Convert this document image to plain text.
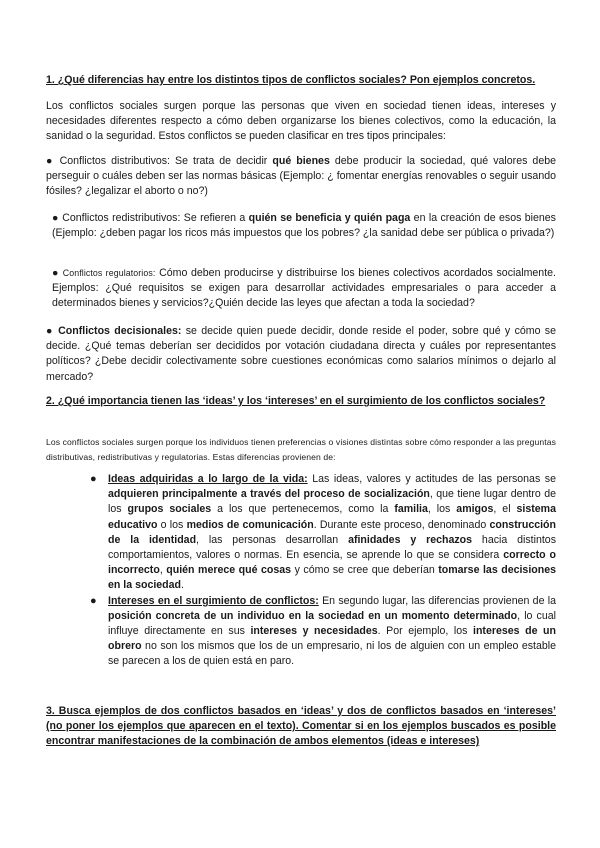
1. ¿Qué diferencias hay entre los distintos tipos de conflictos sociales? Pon ejemplos concretos.

Los conflictos sociales surgen porque las personas que viven en sociedad tienen ideas, intereses y necesidades diferentes respecto a cómo deben organizarse los bienes colectivos, como la educación, la sanidad o la seguridad. Estos conflictos se pueden clasificar en tres tipos principales:

● Conflictos distributivos: Se trata de decidir qué bienes debe producir la sociedad, qué valores debe perseguir o cuáles deben ser las normas básicas (Ejemplo: ¿ fomentar energías renovables o seguir usando fósiles? ¿legalizar el aborto o no?)

● Conflictos redistributivos: Se refieren a quién se beneficia y quién paga en la creación de esos bienes (Ejemplo: ¿deben pagar los ricos más impuestos que los pobres? ¿la sanidad debe ser pública o privada?)

● Conflictos regulatorios: Cómo deben producirse y distribuirse los bienes colectivos acordados socialmente. Ejemplos: ¿Qué requisitos se exigen para desarrollar actividades empresariales o para acceder a determinados bienes y servicios?¿Quién decide las leyes que afectan a toda la sociedad?

● Conflictos decisionales: se decide quien puede decidir, donde reside el poder, sobre qué y cómo se decide. ¿Qué temas deberían ser decididos por votación ciudadana directa y cuáles por representantes políticos? ¿Debe decidir colectivamente sobre cuestiones económicas como salarios mínimos o dejarlo al mercado?

2. ¿Qué importancia tienen las ‘ideas’ y los ‘intereses’ en el surgimiento de los conflictos sociales?

Los conflictos sociales surgen porque los individuos tienen preferencias o visiones distintas sobre cómo responder a las preguntas distributivas, redistributivas y regulatorias. Estas diferencias provienen de:

● Ideas adquiridas a lo largo de la vida: Las ideas, valores y actitudes de las personas se adquieren principalmente a través del proceso de socialización, que tiene lugar dentro de los grupos sociales a los que pertenecemos, como la familia, los amigos, el sistema educativo o los medios de comunicación. Durante este proceso, denominado construcción de la identidad, las personas desarrollan afinidades y rechazos hacia distintos comportamientos, valores o normas. En esencia, se aprende lo que se considera correcto o incorrecto, quién merece qué cosas y cómo se cree que deberían tomarse las decisiones en la sociedad.
● Intereses en el surgimiento de conflictos: En segundo lugar, las diferencias provienen de la posición concreta de un individuo en la sociedad en un momento determinado, lo cual influye directamente en sus intereses y necesidades. Por ejemplo, los intereses de un obrero no son los mismos que los de un empresario, ni los de alguien con un empleo estable se parecen a los de quien está en paro.

3. Busca ejemplos de dos conflictos basados en ‘ideas’ y dos de conflictos basados en ‘intereses’ (no poner los ejemplos que aparecen en el texto). Comentar si en los ejemplos buscados es posible encontrar manifestaciones de la combinación de ambos elementos (ideas e intereses)
